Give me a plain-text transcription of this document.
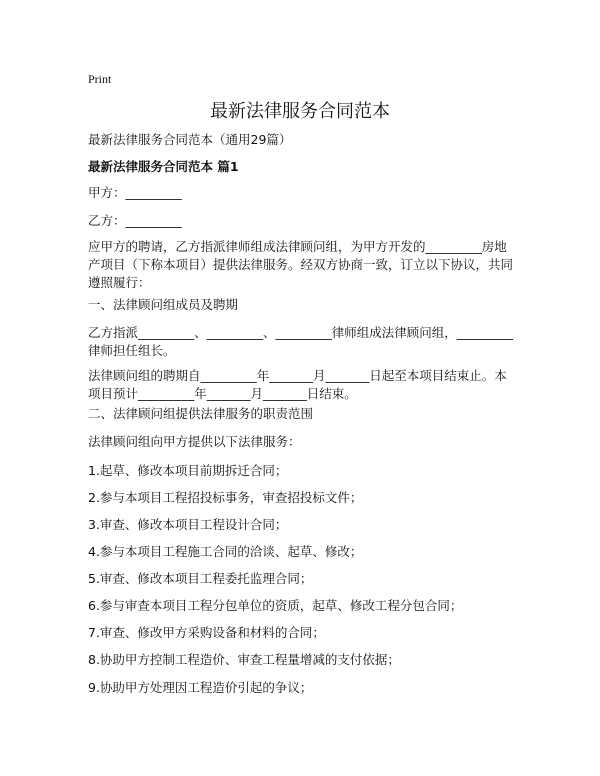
Print
最新法律服务合同范本

最新法律服务合同范本（通用29篇）

最新法律服务合同范本 篇1

甲方：_________

乙方：_________

应甲方的聘请，乙方指派律师组成法律顾问组，为甲方开发的_________房地产项目（下称本项目）提供法律服务。经双方协商一致，订立以下协议，共同遵照履行：

一、法律顾问组成员及聘期

乙方指派_________、_________、_________律师组成法律顾问组，_________律师担任组长。

法律顾问组的聘期自_________年_______月_______日起至本项目结束止。本项目预计_________年_______月_______日结束。

二、法律顾问组提供法律服务的职责范围

法律顾问组向甲方提供以下法律服务：

1.起草、修改本项目前期拆迁合同；

2.参与本项目工程招投标事务，审查招投标文件；

3.审查、修改本项目工程设计合同；

4.参与本项目工程施工合同的洽谈、起草、修改；

5.审查、修改本项目工程委托监理合同；

6.参与审查本项目工程分包单位的资质，起草、修改工程分包合同；

7.审查、修改甲方采购设备和材料的合同；

8.协助甲方控制工程造价、审查工程量增减的支付依据；

9.协助甲方处理因工程造价引起的争议；
